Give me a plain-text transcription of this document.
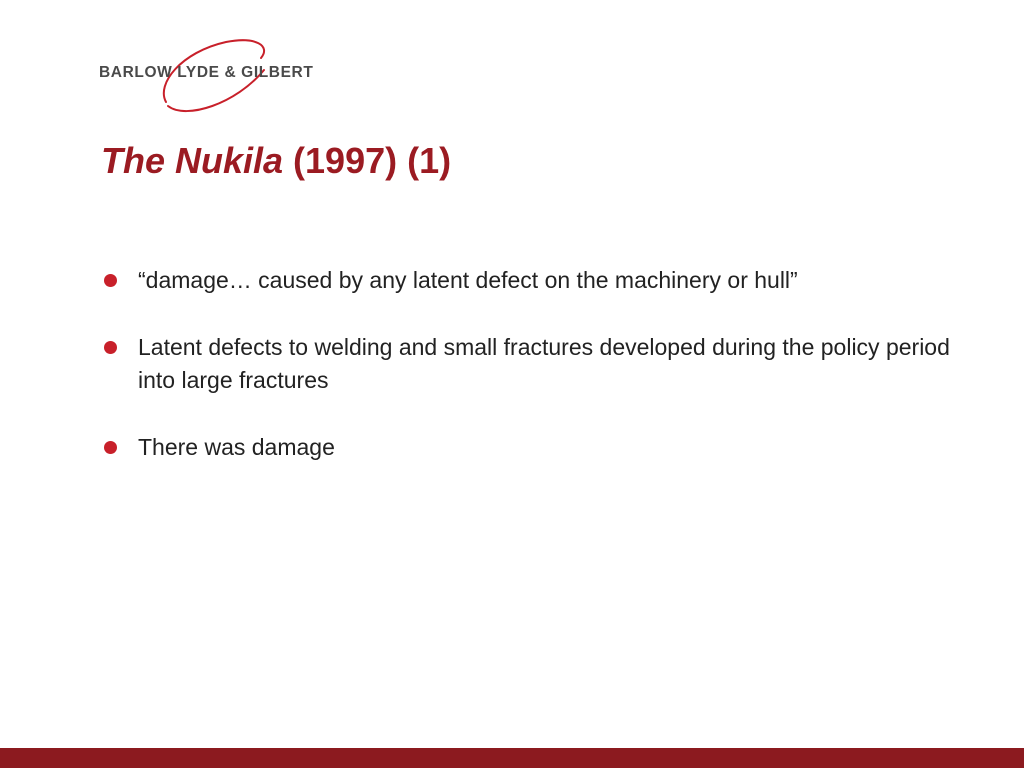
BARLOW LYDE & GILBERT
The Nukila (1997) (1)
“damage… caused by any latent defect on the machinery or hull”
Latent defects to welding and small fractures developed during the policy period into large fractures
There was damage
